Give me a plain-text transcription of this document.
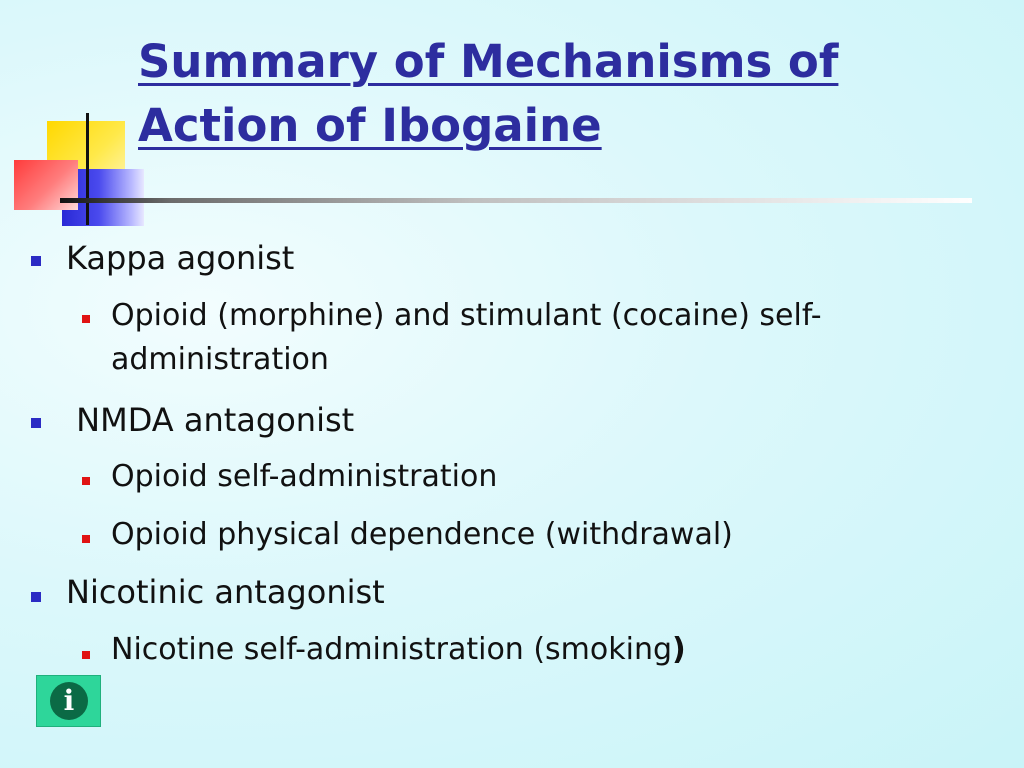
Summary of Mechanisms of Action of Ibogaine

Kappa agonist

Opioid (morphine) and stimulant (cocaine) self-administration

NMDA antagonist

Opioid self-administration

Opioid physical dependence (withdrawal)

Nicotinic antagonist

Nicotine self-administration (smoking)

i
